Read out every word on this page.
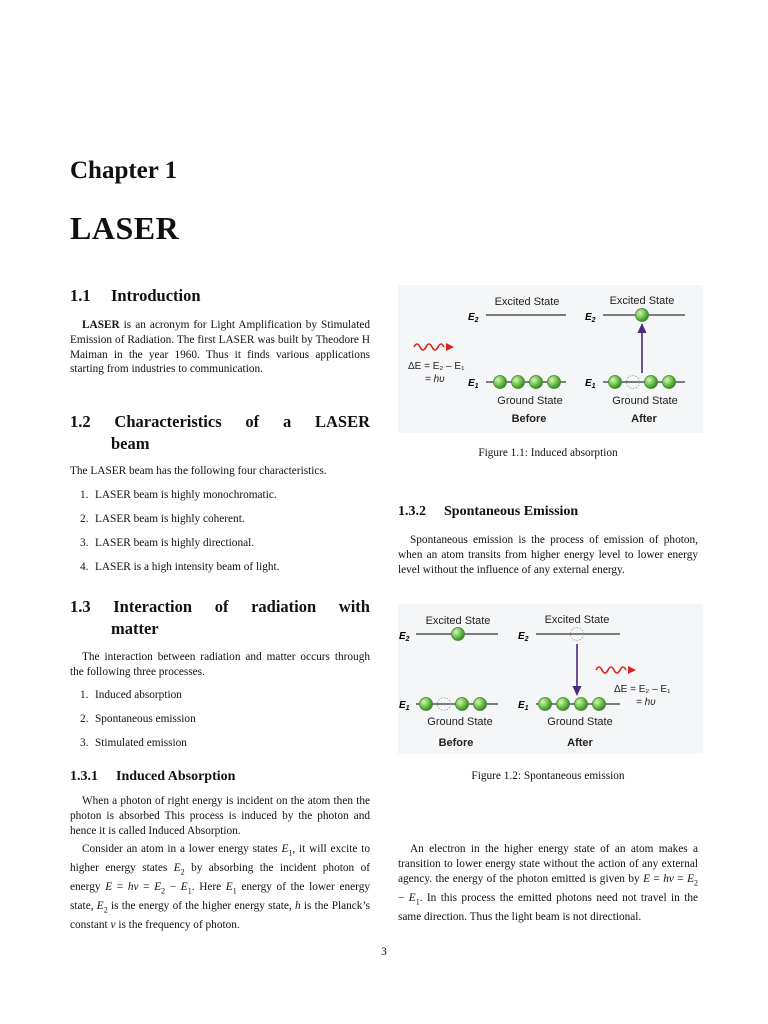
Chapter 1
LASER
1.1 Introduction

LASER is an acronym for Light Amplification by Stimulated Emission of Radiation. The first LASER was built by Theodore H Maiman in the year 1960. Thus it finds various applications starting from industries to communication.

1.2 Characteristics of a LASER
beam

The LASER beam has the following four characteristics.

1. LASER beam is highly monochromatic.

2. LASER beam is highly coherent.

3. LASER beam is highly directional.

4. LASER is a high intensity beam of light.

1.3 Interaction of radiation with
matter

The interaction between radiation and matter occurs through the following three processes.

1. Induced absorption

2. Spontaneous emission

3. Stimulated emission

1.3.1 Induced Absorption

When a photon of right energy is incident on the atom then the photon is absorbed This process is induced by the photon and hence it is called Induced Absorption.

Consider an atom in a lower energy states $E_1$, it will excite to higher energy states $E_2$ by absorbing the incident photon of energy $E = h\nu = E_2 - E_1$. Here $E_1$ energy of the lower energy state, $E_2$ is the energy of the higher energy state, h is the Planck’s constant ν is the frequency of photon.

Excited State	Excited State
$E_2$	$E_2$
ΔE = E₂ – E₁
= hυ $E_1$	$E_1$
Ground State	Ground State
Before	After

Figure 1.1: Induced absorption

1.3.2 Spontaneous Emission

Spontaneous emission is the process of emission of photon, when an atom transits from higher energy level to lower energy level without the influence of any external energy.

Excited State	Excited State
$E_2$	$E_2$
ΔE = E₂ – E₁
= hυ
$E_1$	$E_1$
Ground State	Ground State
Before	After

Figure 1.2: Spontaneous emission

An electron in the higher energy state of an atom makes a transition to lower energy state without the action of any external agency. the energy of the photon emitted is given by $E = h\nu = E_2 - E_1$. In this process the emitted photons need not travel in the same direction. Thus the light beam is not directional.

3
